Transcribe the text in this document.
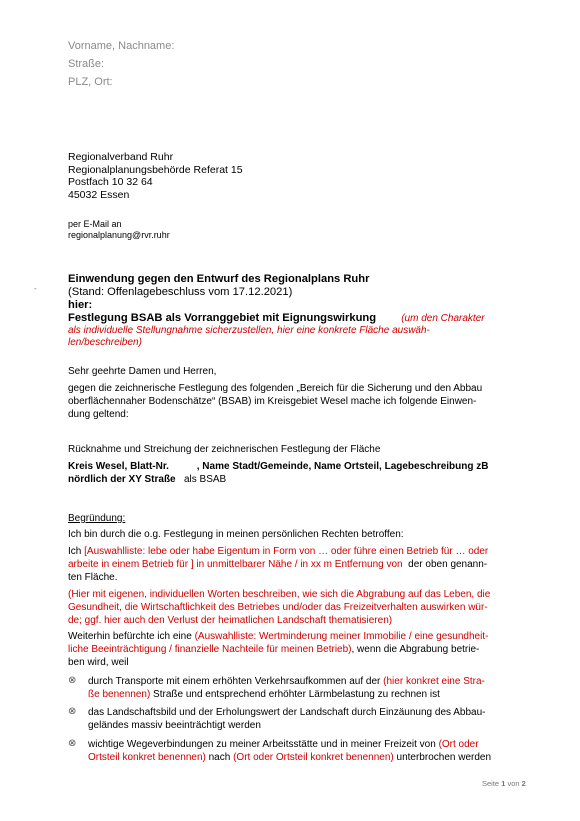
Vorname, Nachname:
Straße:
PLZ, Ort:
Regionalverband Ruhr
Regionalplanungsbehörde Referat 15
Postfach 10 32 64
45032 Essen
per E-Mail an
regionalplanung@rvr.ruhr
-
Einwendung gegen den Entwurf des Regionalplans Ruhr
(Stand: Offenlagebeschluss vom 17.12.2021)
hier:
Festlegung BSAB als Vorranggebiet mit Eignungswirkung	(um den Charakter
als individuelle Stellungnahme sicherzustellen, hier eine konkrete Fläche auswäh-
len/beschreiben)
Sehr geehrte Damen und Herren,
gegen die zeichnerische Festlegung des folgenden „Bereich für die Sicherung und den Abbau
oberflächennaher Bodenschätze“ (BSAB) im Kreisgebiet Wesel mache ich folgende Einwen-
dung geltend:
Rücknahme und Streichung der zeichnerischen Festlegung der Fläche
Kreis Wesel, Blatt-Nr.          , Name Stadt/Gemeinde, Name Ortsteil, Lagebeschreibung zB
nördlich der XY Straße   als BSAB
Begründung:
Ich bin durch die o.g. Festlegung in meinen persönlichen Rechten betroffen:
Ich [Auswahlliste: lebe oder habe Eigentum in Form von … oder führe einen Betrieb für … oder
arbeite in einem Betrieb für ] in unmittelbarer Nähe / in xx m Entfernung von  der oben genann-
ten Fläche.
(Hier mit eigenen, individuellen Worten beschreiben, wie sich die Abgrabung auf das Leben, die
Gesundheit, die Wirtschaftlichkeit des Betriebes und/oder das Freizeitverhalten auswirken wür-
de; ggf. hier auch den Verlust der heimatlichen Landschaft thematisieren)
Weiterhin befürchte ich eine (Auswahlliste: Wertminderung meiner Immobilie / eine gesundheit-
liche Beeinträchtigung / finanzielle Nachteile für meinen Betrieb), wenn die Abgrabung betrie-
ben wird, weil
⊗ durch Transporte mit einem erhöhten Verkehrsaufkommen auf der (hier konkret eine Stra-
ße benennen) Straße und entsprechend erhöhter Lärmbelastung zu rechnen ist
⊗ das Landschaftsbild und der Erholungswert der Landschaft durch Einzäunung des Abbau-
geländes massiv beeinträchtigt werden
⊗ wichtige Wegeverbindungen zu meiner Arbeitsstätte und in meiner Freizeit von (Ort oder
Ortsteil konkret benennen) nach (Ort oder Ortsteil konkret benennen) unterbrochen werden
Seite 1 von 2
